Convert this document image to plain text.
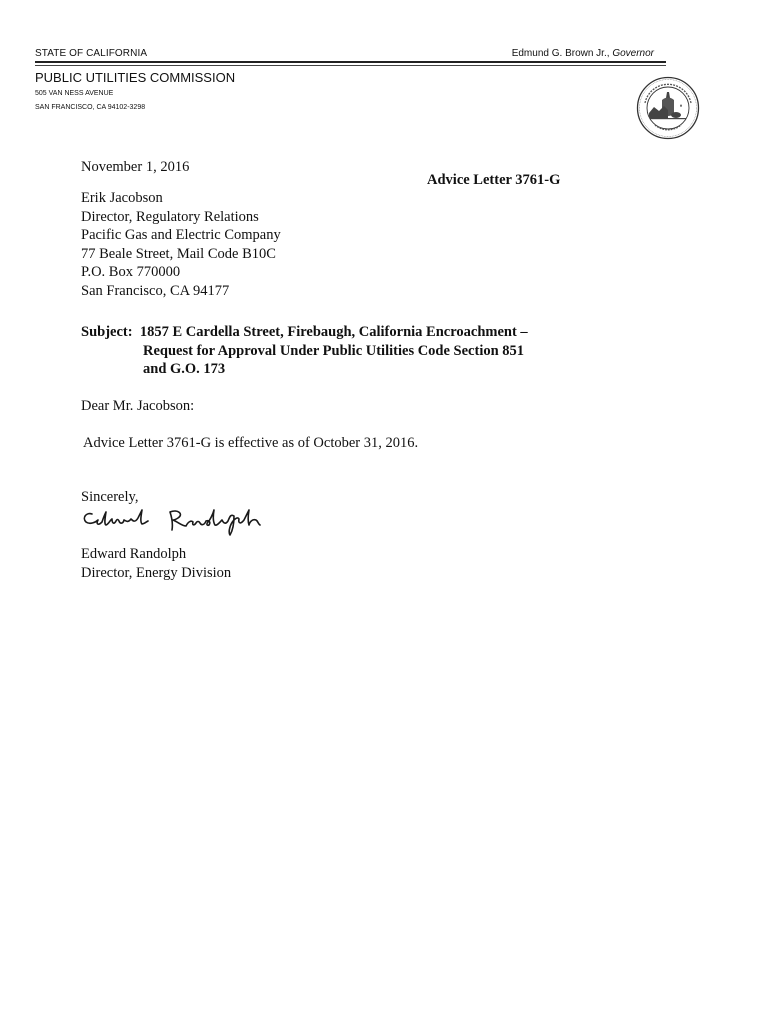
STATE OF CALIFORNIA	Edmund G. Brown Jr., Governor
PUBLIC UTILITIES COMMISSION
505 VAN NESS AVENUE
SAN FRANCISCO, CA 94102-3298
November 1, 2016
Advice Letter 3761-G
Erik Jacobson
Director, Regulatory Relations
Pacific Gas and Electric Company
77 Beale Street, Mail Code B10C
P.O. Box 770000
San Francisco, CA 94177
Subject: 1857 E Cardella Street, Firebaugh, California Encroachment –
Request for Approval Under Public Utilities Code Section 851
and G.O. 173
Dear Mr. Jacobson:
Advice Letter 3761-G is effective as of October 31, 2016.
Sincerely,
Edward Randolph
Director, Energy Division
